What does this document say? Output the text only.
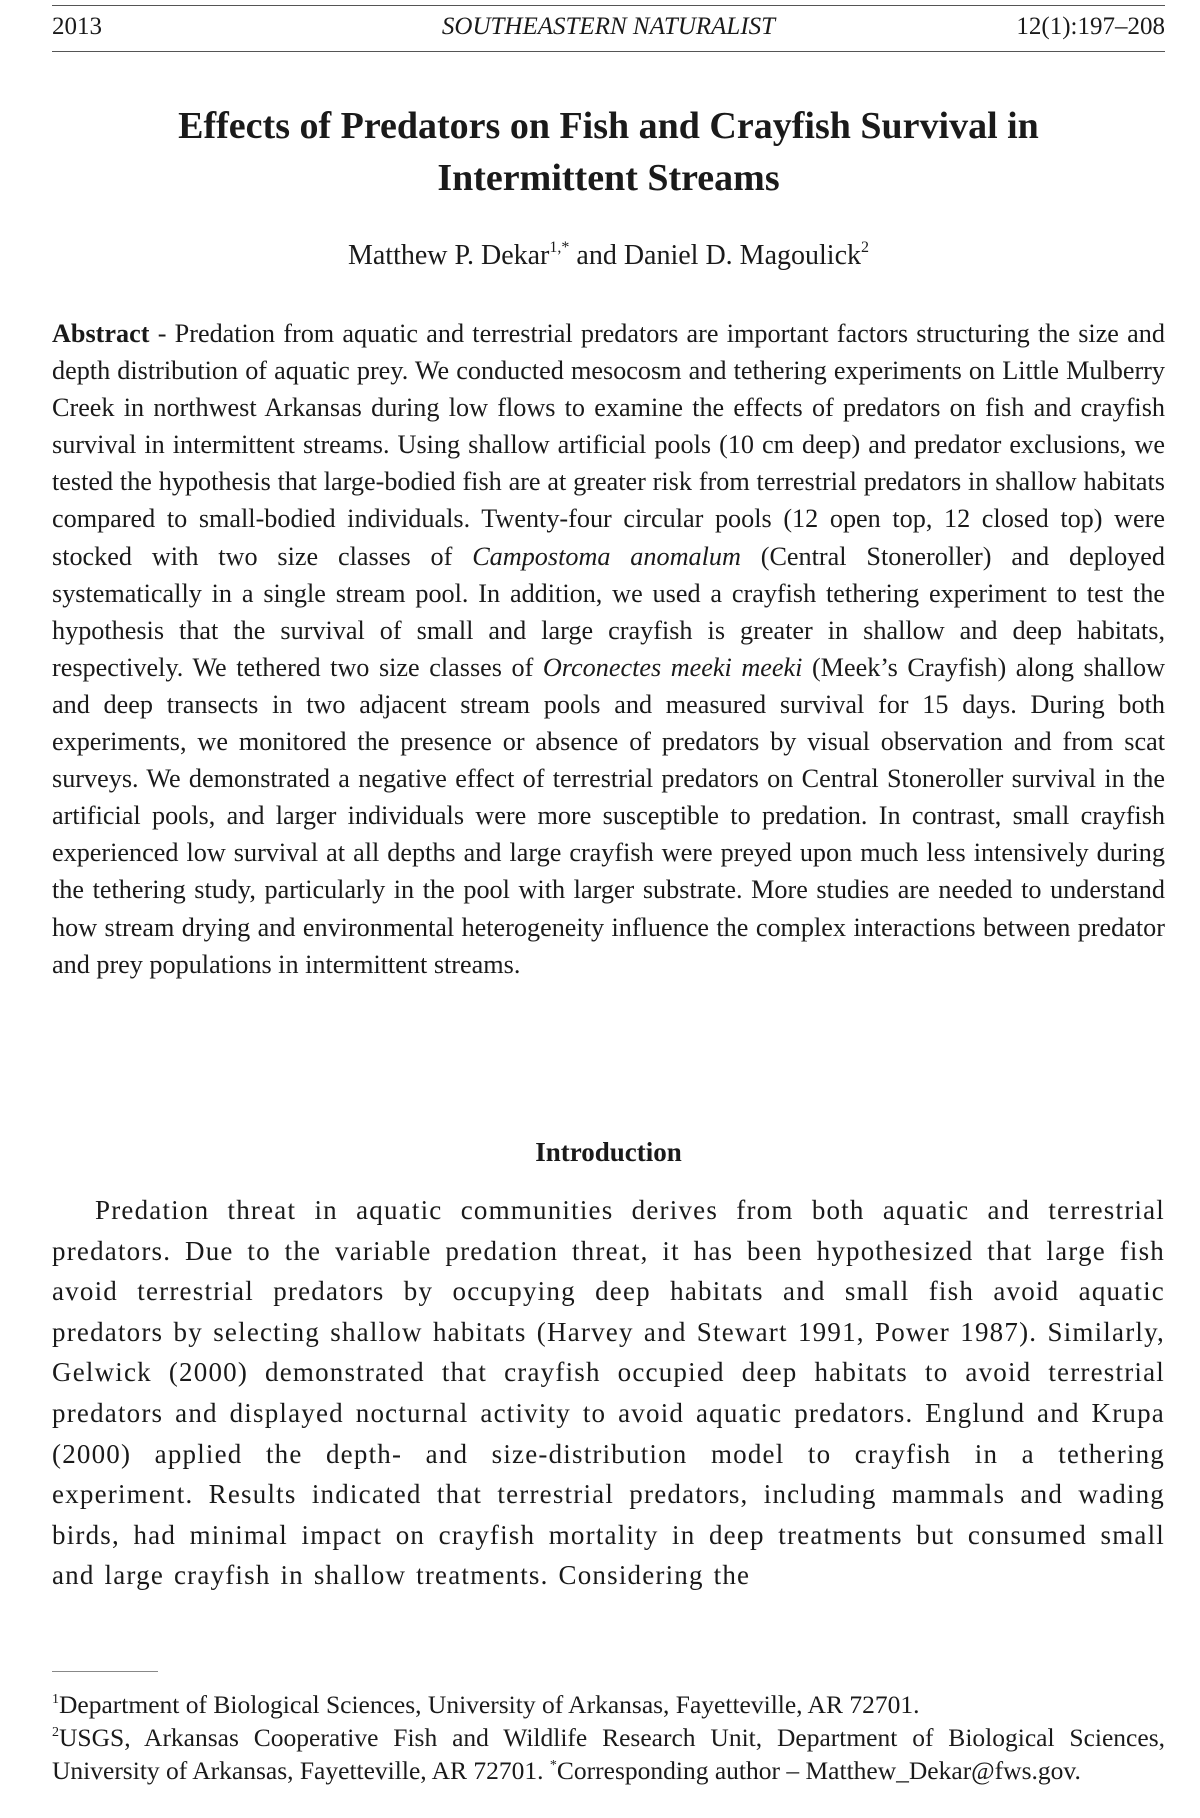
2013	SOUTHEASTERN NATURALIST	12(1):197–208
Effects of Predators on Fish and Crayfish Survival in
Intermittent Streams
Matthew P. Dekar$^{1,*}$ and Daniel D. Magoulick$^2$
Abstract - Predation from aquatic and terrestrial predators are important factors structuring the size and depth distribution of aquatic prey. We conducted mesocosm and tethering experiments on Little Mulberry Creek in northwest Arkansas during low flows to examine the effects of predators on fish and crayfish survival in intermittent streams. Using shallow artificial pools (10 cm deep) and predator exclusions, we tested the hypothesis that large-bodied fish are at greater risk from terrestrial predators in shallow habitats compared to small-bodied individuals. Twenty-four circular pools (12 open top, 12 closed top) were stocked with two size classes of Campostoma anomalum (Central Stoneroller) and deployed systematically in a single stream pool. In addition, we used a crayfish tethering experiment to test the hypothesis that the survival of small and large crayfish is greater in shallow and deep habitats, respectively. We tethered two size classes of Orconectes meeki meeki (Meek’s Crayfish) along shallow and deep transects in two adjacent stream pools and measured survival for 15 days. During both experiments, we monitored the presence or absence of predators by visual observation and from scat surveys. We demonstrated a negative effect of terrestrial predators on Central Stoneroller survival in the artificial pools, and larger individuals were more susceptible to predation. In contrast, small crayfish experienced low survival at all depths and large crayfish were preyed upon much less intensively during the tethering study, particularly in the pool with larger substrate. More studies are needed to understand how stream drying and environmental heterogeneity influence the complex interactions between predator and prey populations in intermittent streams.
Introduction
Predation threat in aquatic communities derives from both aquatic and terrestrial predators. Due to the variable predation threat, it has been hypothesized that large fish avoid terrestrial predators by occupying deep habitats and small fish avoid aquatic predators by selecting shallow habitats (Harvey and Stewart 1991, Power 1987). Similarly, Gelwick (2000) demonstrated that crayfish occupied deep habitats to avoid terrestrial predators and displayed nocturnal activity to avoid aquatic predators. Englund and Krupa (2000) applied the depth- and size-distribution model to crayfish in a tethering experiment. Results indicated that terrestrial predators, including mammals and wading birds, had minimal impact on crayfish mortality in deep treatments but consumed small and large crayfish in shallow treatments. Considering the

$^1$Department of Biological Sciences, University of Arkansas, Fayetteville, AR 72701.

$^2$USGS, Arkansas Cooperative Fish and Wildlife Research Unit, Department of Biological Sciences, University of Arkansas, Fayetteville, AR 72701. *Corresponding author – Matthew_Dekar@fws.gov.
